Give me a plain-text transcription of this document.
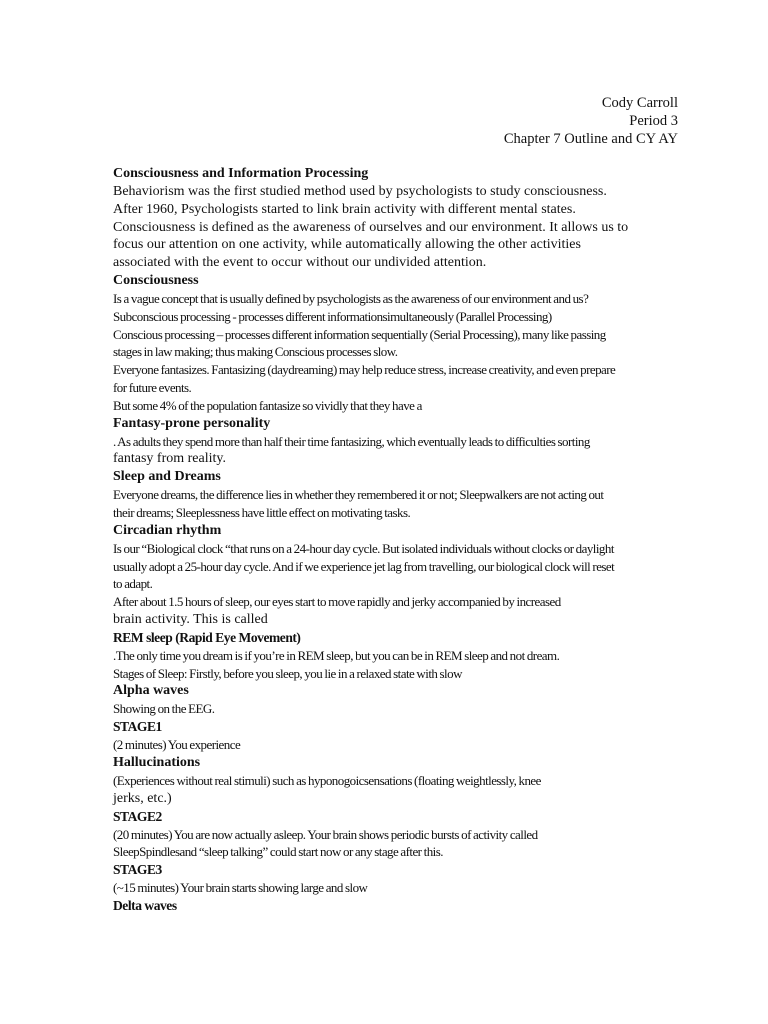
Cody Carroll
Period 3
Chapter 7 Outline and CY AY
Consciousness and Information Processing
Behaviorism was the first studied method used by psychologists to study consciousness.
After 1960, Psychologists started to link brain activity with different mental states.
Consciousness is defined as the awareness of ourselves and our environment. It allows us to
focus our attention on one activity, while automatically allowing the other activities
associated with the event to occur without our undivided attention.
Consciousness
Is a vague concept that is usually defined by psychologists as the awareness of our environment and us?
Subconscious processing - processes different informationsimultaneously (Parallel Processing)
Conscious processing – processes different information sequentially (Serial Processing), many like passing
stages in law making; thus making Conscious processes slow.
Everyone fantasizes. Fantasizing (daydreaming) may help reduce stress, increase creativity, and even prepare
for future events.
But some 4% of the population fantasize so vividly that they have a
Fantasy-prone personality
. As adults they spend more than half their time fantasizing, which eventually leads to difficulties sorting
fantasy from reality.
Sleep and Dreams
Everyone dreams, the difference lies in whether they remembered it or not; Sleepwalkers are not acting out
their dreams; Sleeplessness have little effect on motivating tasks.
Circadian rhythm
Is our “Biological clock “that runs on a 24-hour day cycle. But isolated individuals without clocks or daylight
usually adopt a 25-hour day cycle. And if we experience jet lag from travelling, our biological clock will reset
to adapt.
After about 1.5 hours of sleep, our eyes start to move rapidly and jerky accompanied by increased
brain activity. This is called
REM sleep (Rapid Eye Movement)
.The only time you dream is if you’re in REM sleep, but you can be in REM sleep and not dream.
Stages of Sleep: Firstly, before you sleep, you lie in a relaxed state with slow
Alpha waves
Showing on the EEG.
STAGE1
(2 minutes) You experience
Hallucinations
(Experiences without real stimuli) such as hyponogoicsensations (floating weightlessly, knee
jerks, etc.)
STAGE2
(20 minutes) You are now actually asleep. Your brain shows periodic bursts of activity called
SleepSpindlesand “sleep talking” could start now or any stage after this.
STAGE3
(~15 minutes) Your brain starts showing large and slow
Delta waves
